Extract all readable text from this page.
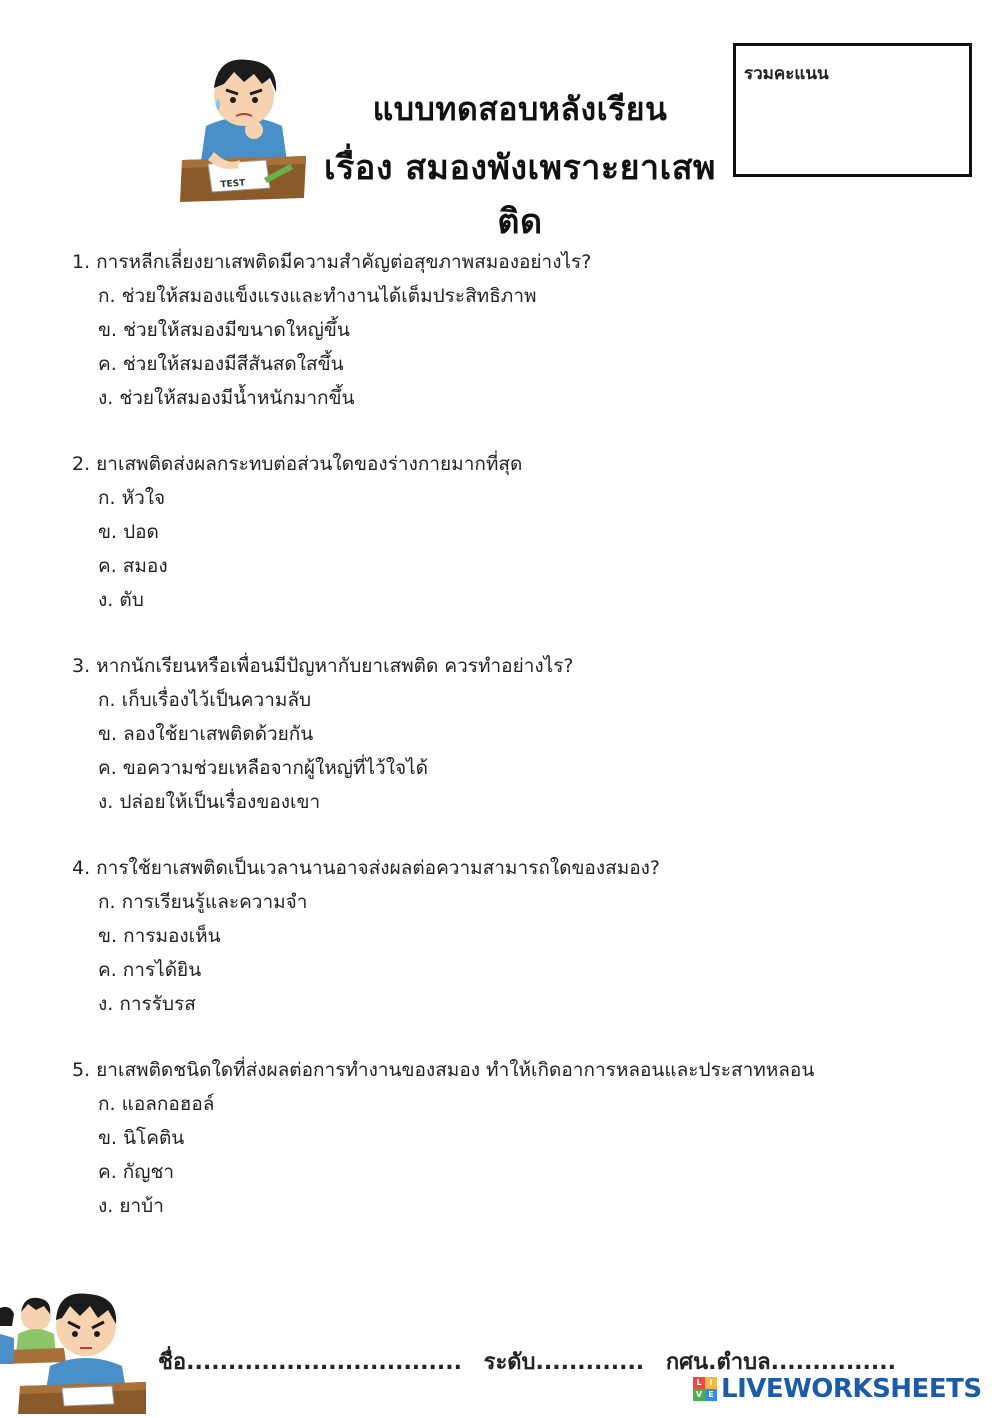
TEST
แบบทดสอบหลังเรียน
เรื่อง สมองพังเพราะยาเสพติด
รวมคะแนน
1. การหลีกเลี่ยงยาเสพติดมีความสำคัญต่อสุขภาพสมองอย่างไร?
ก. ช่วยให้สมองแข็งแรงและทำงานได้เต็มประสิทธิภาพ
ข. ช่วยให้สมองมีขนาดใหญ่ขึ้น
ค. ช่วยให้สมองมีสีสันสดใสขึ้น
ง. ช่วยให้สมองมีน้ำหนักมากขึ้น
2. ยาเสพติดส่งผลกระทบต่อส่วนใดของร่างกายมากที่สุด
ก. หัวใจ
ข. ปอด
ค. สมอง
ง. ตับ
3. หากนักเรียนหรือเพื่อนมีปัญหากับยาเสพติด ควรทำอย่างไร?
ก. เก็บเรื่องไว้เป็นความลับ
ข. ลองใช้ยาเสพติดด้วยกัน
ค. ขอความช่วยเหลือจากผู้ใหญ่ที่ไว้ใจได้
ง. ปล่อยให้เป็นเรื่องของเขา
4. การใช้ยาเสพติดเป็นเวลานานอาจส่งผลต่อความสามารถใดของสมอง?
ก. การเรียนรู้และความจำ
ข. การมองเห็น
ค. การได้ยิน
ง. การรับรส
5. ยาเสพติดชนิดใดที่ส่งผลต่อการทำงานของสมอง ทำให้เกิดอาการหลอนและประสาทหลอน
ก. แอลกอฮอล์
ข. นิโคติน
ค. กัญชา
ง. ยาบ้า
ชื่อ................................. ระดับ............. กศน.ตำบล...............
L I
V E LIVEWORKSHEETS
